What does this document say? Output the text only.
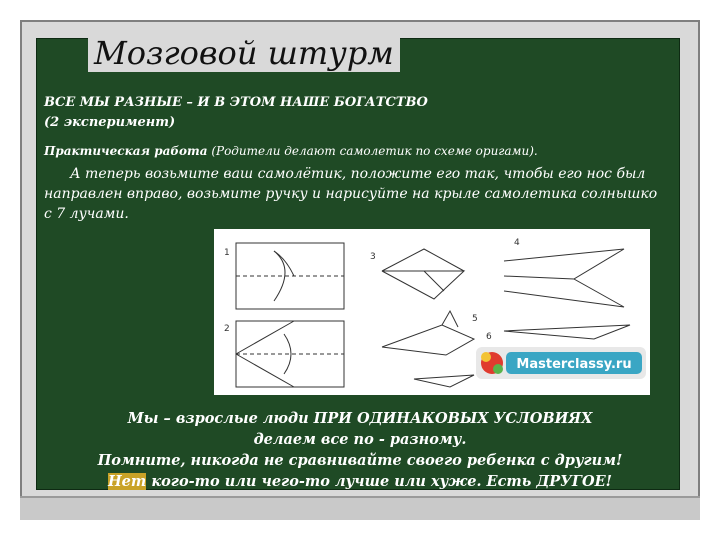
Мозговой штурм
ВСЕ МЫ РАЗНЫЕ – И В ЭТОМ НАШЕ БОГАТСТВО
(2 эксперимент)
Практическая работа (Родители делают самолетик по схеме оригами).
А теперь возьмите ваш самолётик, положите его так, чтобы его нос был направлен вправо, возьмите ручку и нарисуйте на крыле самолетика солнышко с 7 лучами.
1
2
3
4
5
6
Masterclassy.ru
Мы – взрослые люди ПРИ ОДИНАКОВЫХ УСЛОВИЯХ
делаем все по - разному.
Помните, никогда не сравнивайте своего ребенка с другим!
Нет кого-то или чего-то лучше или хуже. Есть ДРУГОЕ!
